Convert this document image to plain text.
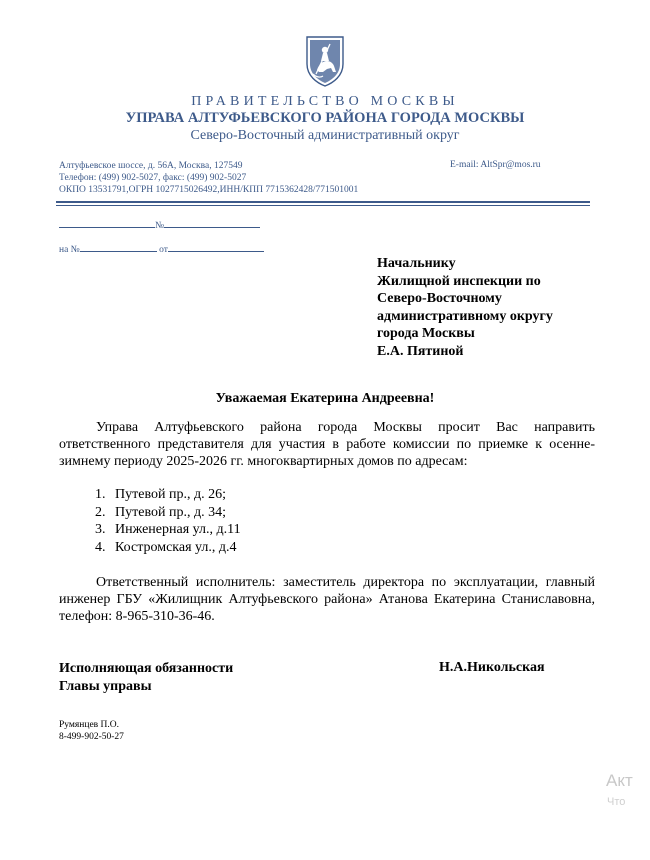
ПРАВИТЕЛЬСТВО МОСКВЫ
УПРАВА АЛТУФЬЕВСКОГО РАЙОНА ГОРОДА МОСКВЫ
Северо-Восточный административный округ
Алтуфьевское шоссе, д. 56А, Москва, 127549
Телефон: (499) 902-5027, факс: (499) 902-5027
ОКПО 13531791,ОГРН 1027715026492,ИНН/КПП 7715362428/771501001
E-mail: AltSpr@mos.ru
№
на №	от
Начальнику
Жилищной инспекции по
Северо-Восточному
административному округу
города Москвы
Е.А. Пятиной
Уважаемая Екатерина Андреевна!
Управа Алтуфьевского района города Москвы просит Вас направить ответственного представителя для участия в работе комиссии по приемке к осенне-зимнему периоду 2025-2026 гг. многоквартирных домов по адресам:
1. Путевой пр., д. 26;
2. Путевой пр., д. 34;
3. Инженерная ул., д.11
4. Костромская ул., д.4
Ответственный исполнитель: заместитель директора по эксплуатации, главный инженер ГБУ «Жилищник Алтуфьевского района» Атанова Екатерина Станиславовна, телефон: 8-965-310-36-46.
Исполняющая обязанности
Главы управы
Н.А.Никольская
Румянцев П.О.
8-499-902-50-27
Акт
Что
